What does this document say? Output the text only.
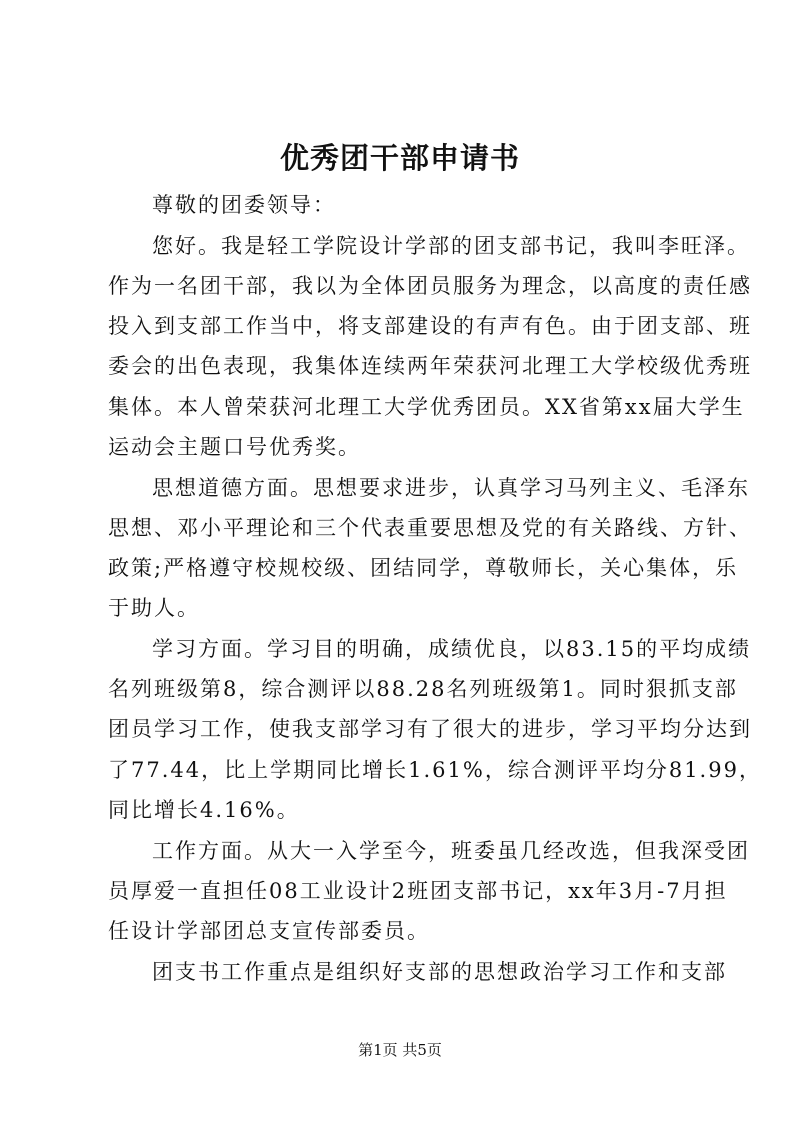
优秀团干部申请书
尊敬的团委领导：
您好。我是轻工学院设计学部的团支部书记，我叫李旺泽。
作为一名团干部，我以为全体团员服务为理念，以高度的责任感
投入到支部工作当中，将支部建设的有声有色。由于团支部、班
委会的出色表现，我集体连续两年荣获河北理工大学校级优秀班
集体。本人曾荣获河北理工大学优秀团员。XX省第xx届大学生
运动会主题口号优秀奖。
思想道德方面。思想要求进步，认真学习马列主义、毛泽东
思想、邓小平理论和三个代表重要思想及党的有关路线、方针、
政策;严格遵守校规校级、团结同学，尊敬师长，关心集体，乐
于助人。
学习方面。学习目的明确，成绩优良，以83.15的平均成绩
名列班级第8，综合测评以88.28名列班级第1。同时狠抓支部
团员学习工作，使我支部学习有了很大的进步，学习平均分达到
了77.44，比上学期同比增长1.61%，综合测评平均分81.99，
同比增长4.16%。
工作方面。从大一入学至今，班委虽几经改选，但我深受团
员厚爱一直担任08工业设计2班团支部书记，xx年3月-7月担
任设计学部团总支宣传部委员。
团支书工作重点是组织好支部的思想政治学习工作和支部
第1页 共5页
